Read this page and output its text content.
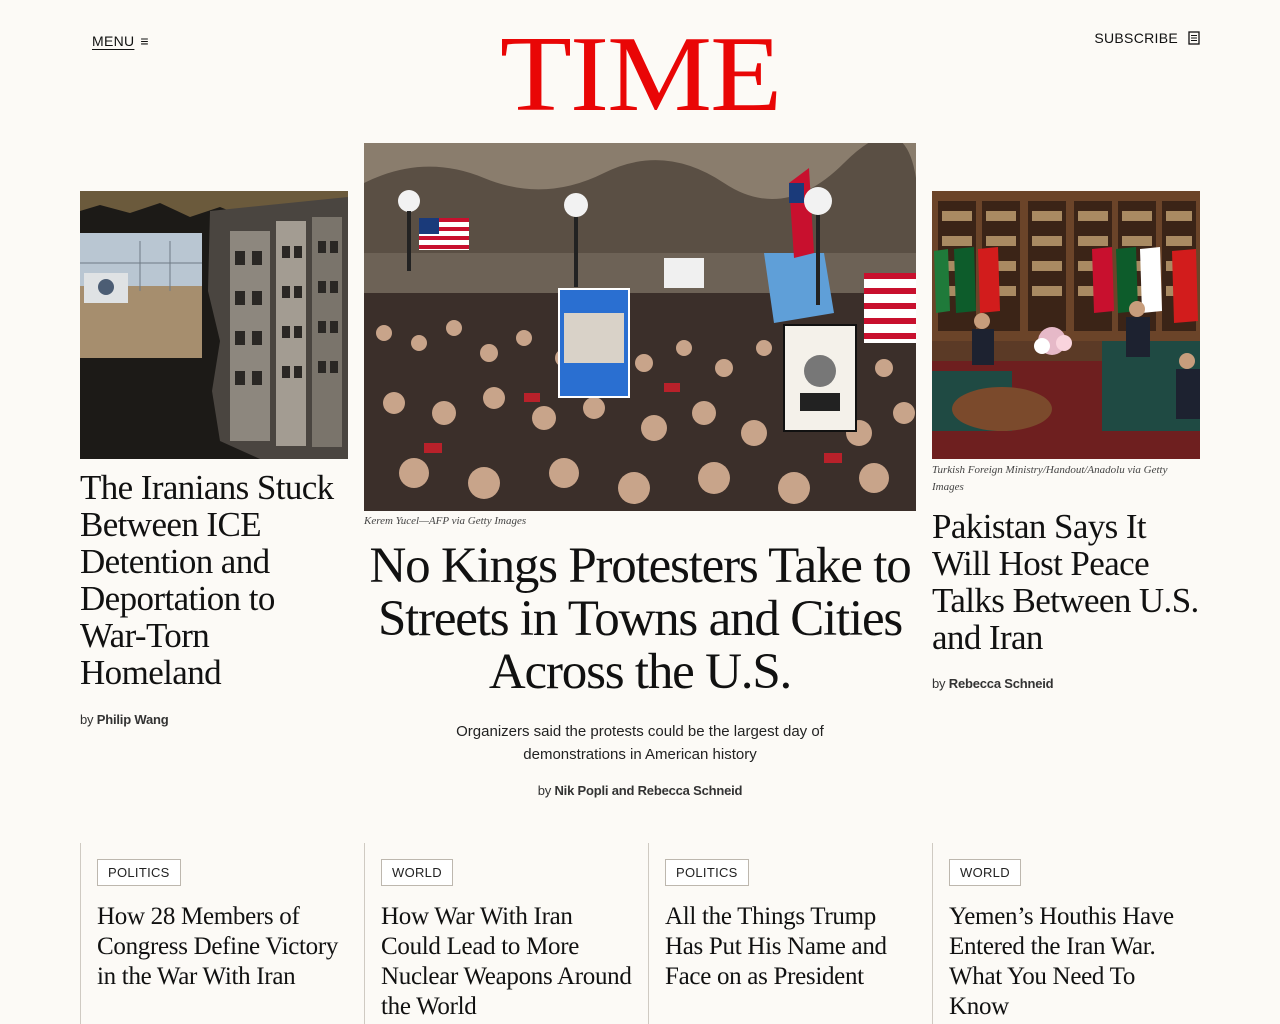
MENU ≡	TIME	SUBSCRIBE
Kerem Yucel—AFP via Getty Images
Turkish Foreign Ministry/Handout/Anadolu via Getty Images
The Iranians Stuck Between ICE Detention and Deportation to War-Torn Homeland
by Philip Wang
No Kings Protesters Take to Streets in Towns and Cities Across the U.S.
Organizers said the protests could be the largest day of demonstrations in American history
by Nik Popli and Rebecca Schneid
Pakistan Says It Will Host Peace Talks Between U.S. and Iran
by Rebecca Schneid
POLITICS
How 28 Members of Congress Define Victory in the War With Iran
WORLD
How War With Iran Could Lead to More Nuclear Weapons Around the World
POLITICS
All the Things Trump Has Put His Name and Face on as President
WORLD
Yemen’s Houthis Have Entered the Iran War. What You Need To Know
